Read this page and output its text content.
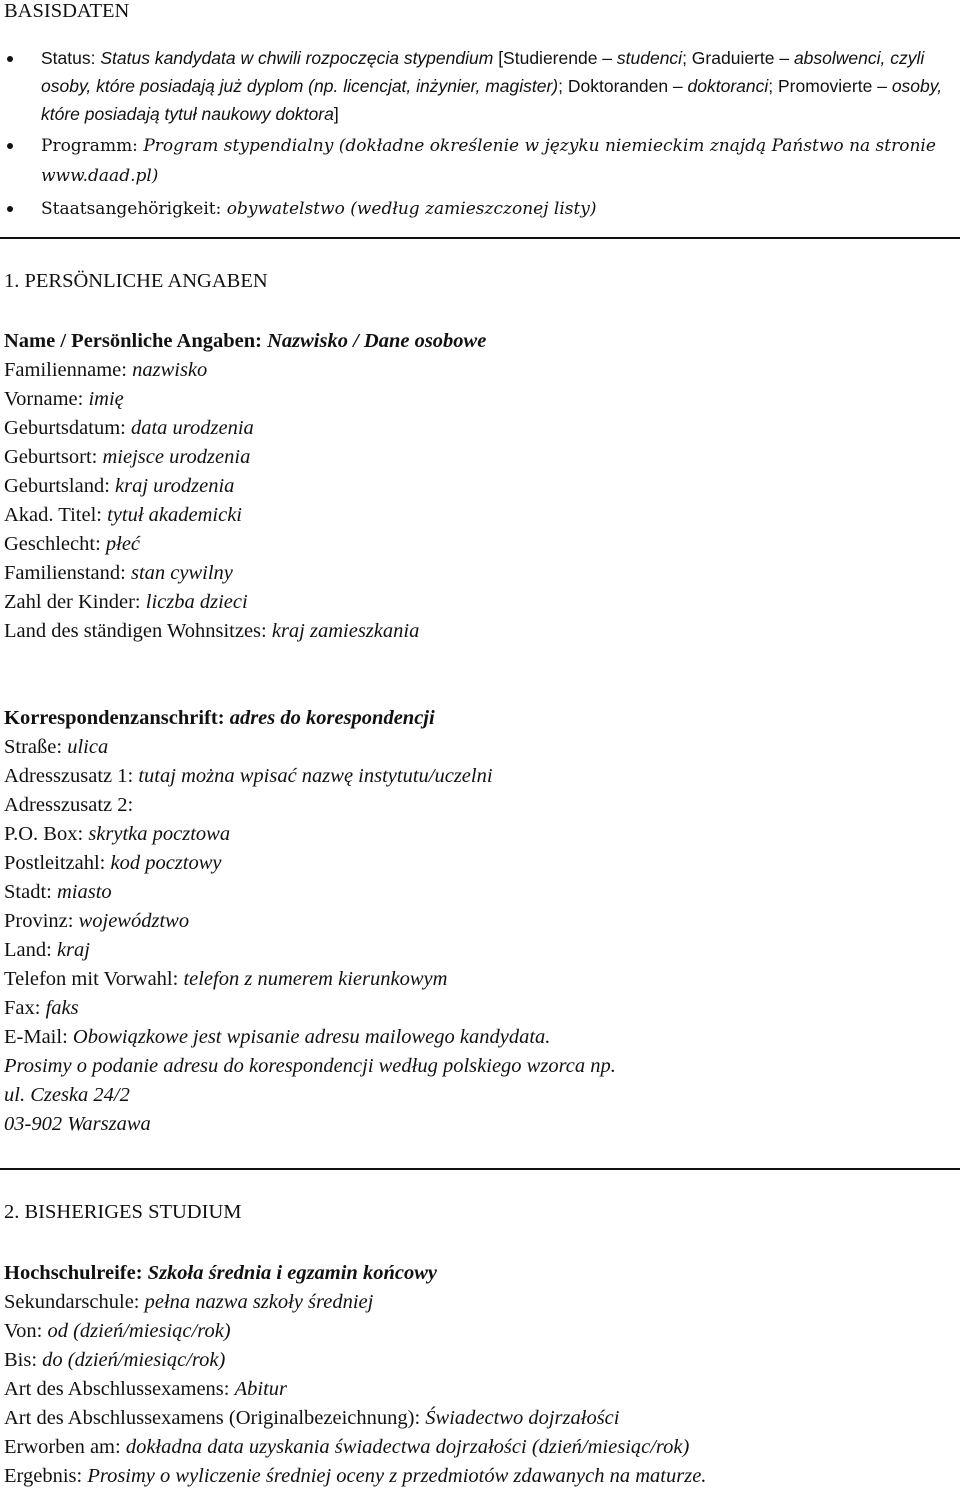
BASISDATEN
Status: Status kandydata w chwili rozpoczęcia stypendium [Studierende – studenci; Graduierte – absolwenci, czyli osoby, które posiadają już dyplom (np. licencjat, inżynier, magister); Doktoranden – doktoranci; Promovierte – osoby, które posiadają tytuł naukowy doktora]
Programm: Program stypendialny (dokładne określenie w języku niemieckim znajdą Państwo na stronie www.daad.pl)
Staatsangehörigkeit: obywatelstwo (według zamieszczonej listy)
1. PERSÖNLICHE ANGABEN
Name / Persönliche Angaben: Nazwisko / Dane osobowe
Familienname: nazwisko
Vorname: imię
Geburtsdatum: data urodzenia
Geburtsort: miejsce urodzenia
Geburtsland: kraj urodzenia
Akad. Titel: tytuł akademicki
Geschlecht: płeć
Familienstand: stan cywilny
Zahl der Kinder: liczba dzieci
Land des ständigen Wohnsitzes: kraj zamieszkania
Korrespondenzanschrift: adres do korespondencji
Straße: ulica
Adresszusatz 1: tutaj można wpisać nazwę instytutu/uczelni
Adresszusatz 2:
P.O. Box: skrytka pocztowa
Postleitzahl: kod pocztowy
Stadt: miasto
Provinz: województwo
Land: kraj
Telefon mit Vorwahl: telefon z numerem kierunkowym
Fax: faks
E-Mail: Obowiązkowe jest wpisanie adresu mailowego kandydata.
Prosimy o podanie adresu do korespondencji według polskiego wzorca np.
ul. Czeska 24/2
03-902 Warszawa
2. BISHERIGES STUDIUM
Hochschulreife: Szkoła średnia i egzamin końcowy
Sekundarschule: pełna nazwa szkoły średniej
Von: od (dzień/miesiąc/rok)
Bis: do (dzień/miesiąc/rok)
Art des Abschlussexamens: Abitur
Art des Abschlussexamens (Originalbezeichnung): Świadectwo dojrzałości
Erworben am: dokładna data uzyskania świadectwa dojrzałości (dzień/miesiąc/rok)
Ergebnis: Prosimy o wyliczenie średniej oceny z przedmiotów zdawanych na maturze.
